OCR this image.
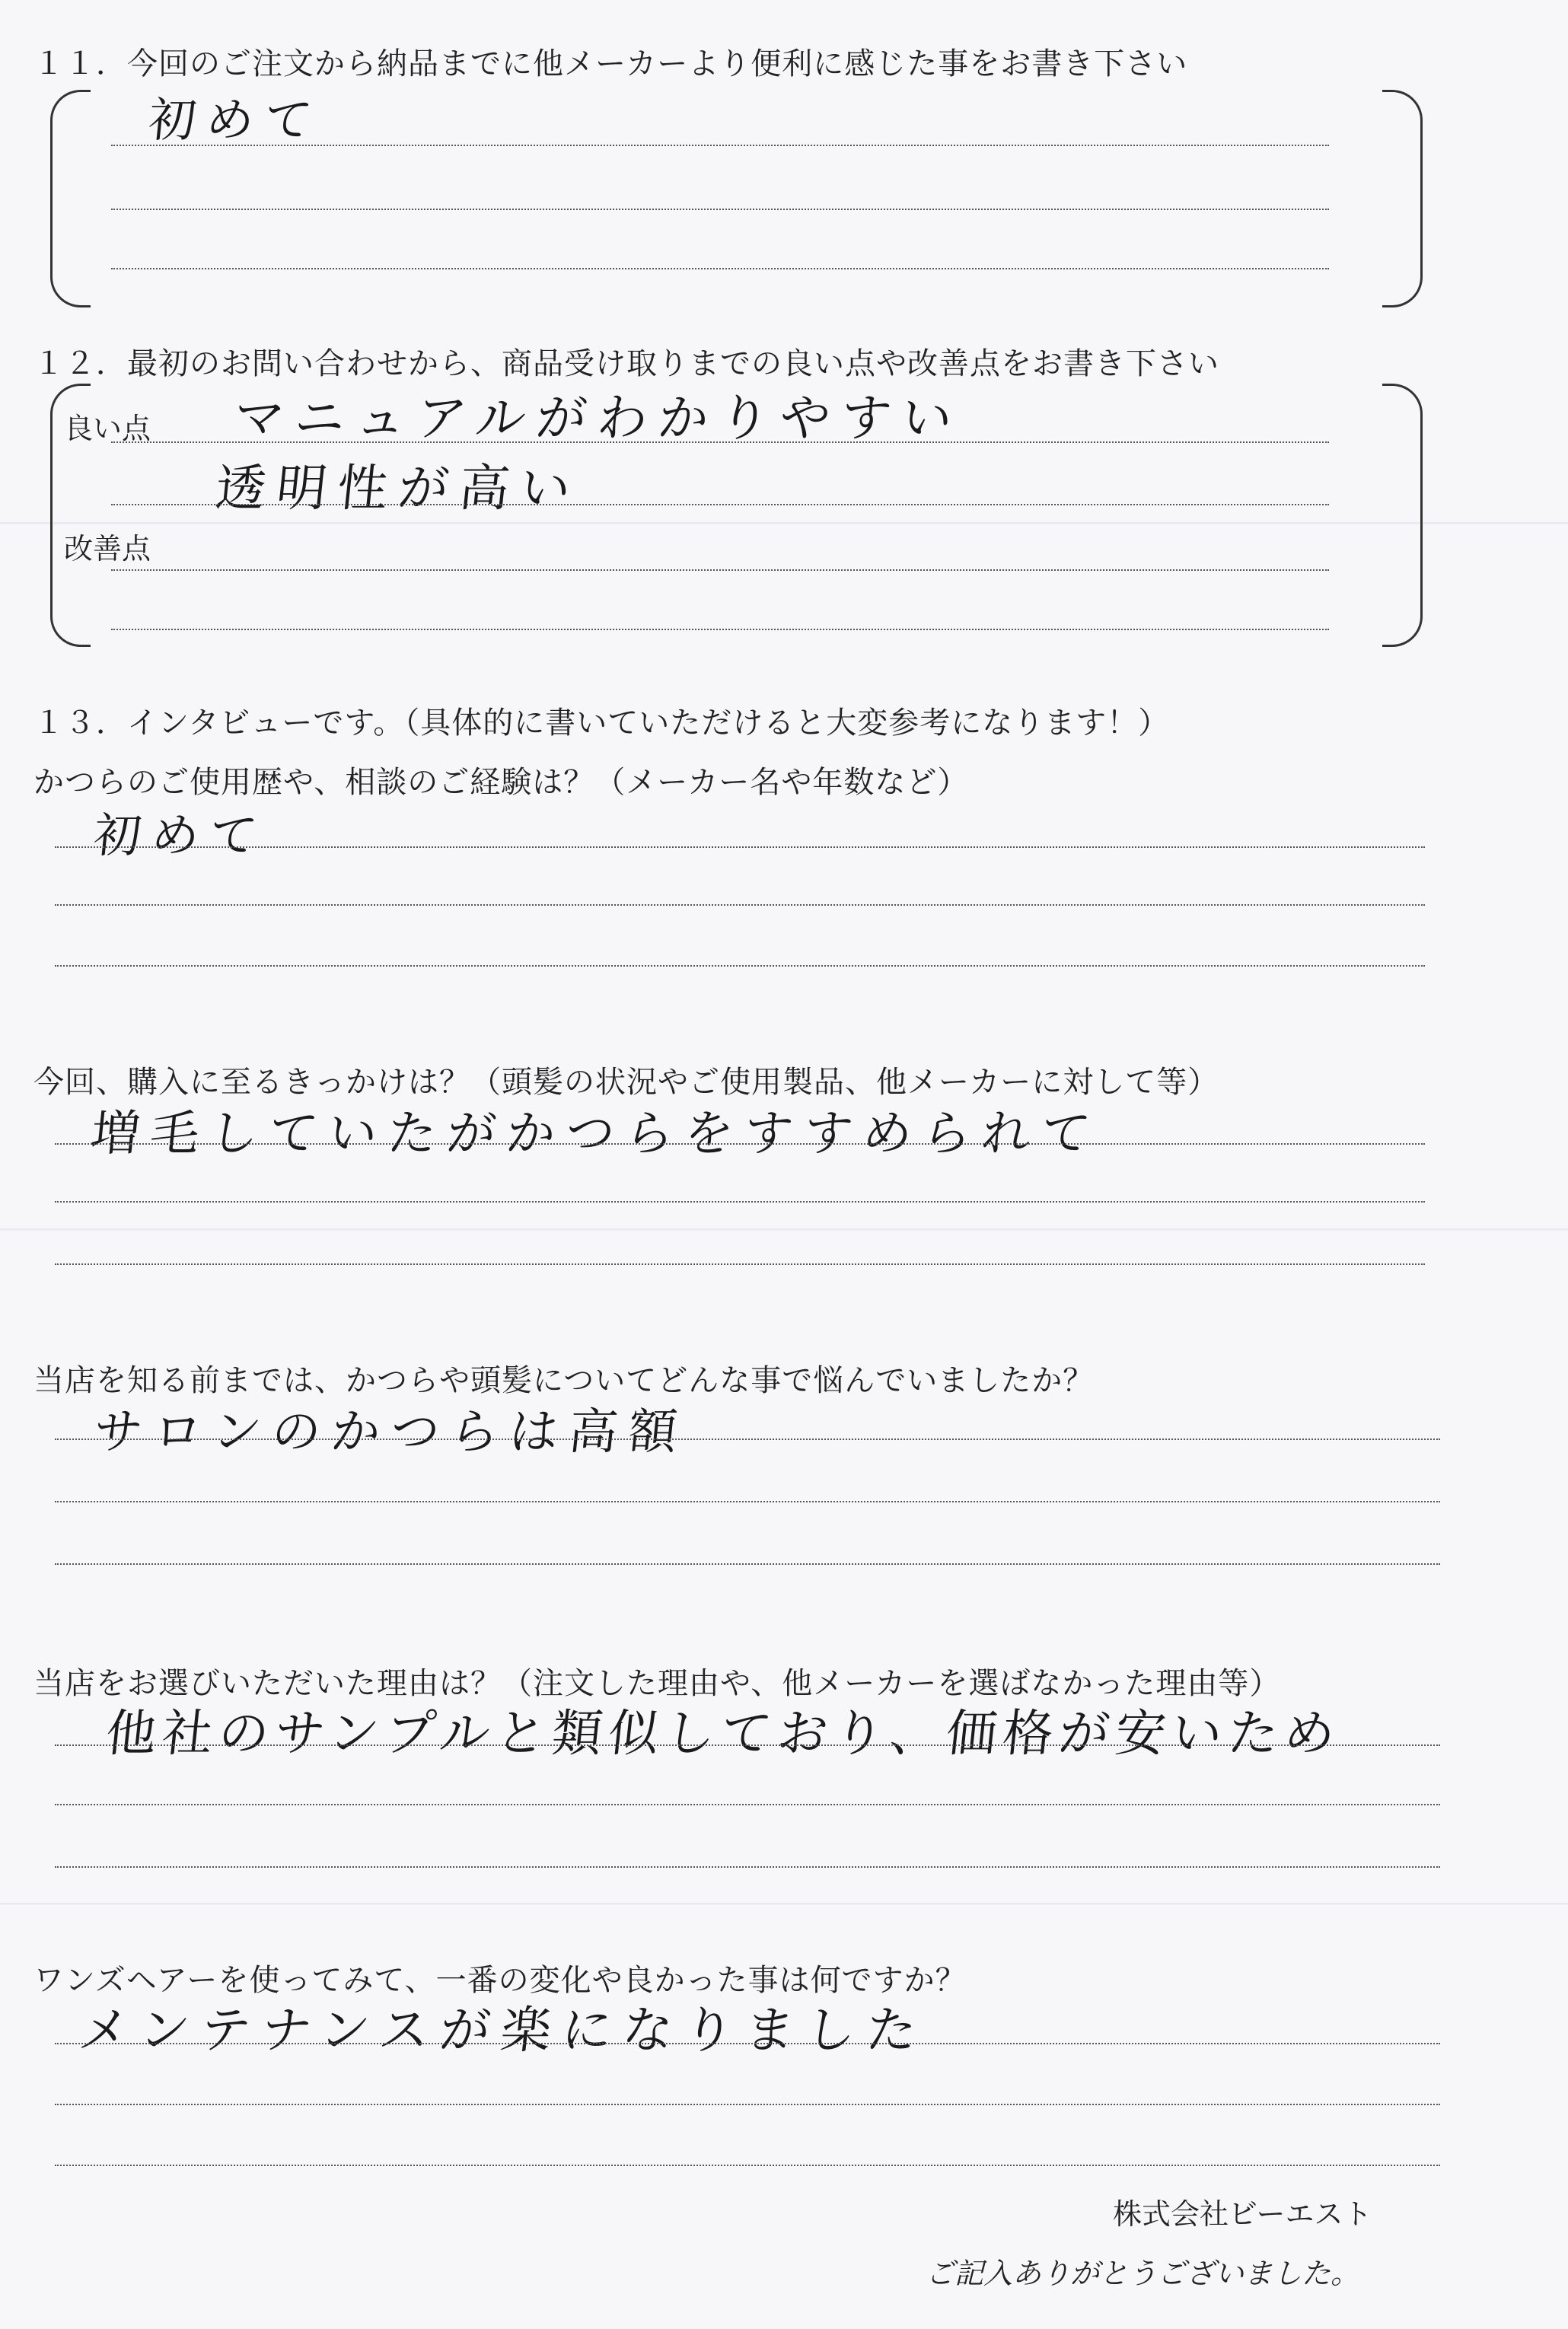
１１．今回のご注文から納品までに他メーカーより便利に感じた事をお書き下さい
初めて
１２．最初のお問い合わせから、商品受け取りまでの良い点や改善点をお書き下さい
良い点 マニュアルがわかりやすい
透明性が高い
改善点
１３．インタビューです。（具体的に書いていただけると大変参考になります！）
かつらのご使用歴や、相談のご経験は？（メーカー名や年数など）
初めて
今回、購入に至るきっかけは？（頭髪の状況やご使用製品、他メーカーに対して等）
増毛していたがかつらをすすめられて
当店を知る前までは、かつらや頭髪についてどんな事で悩んでいましたか？
サロンのかつらは高額
当店をお選びいただいた理由は？（注文した理由や、他メーカーを選ばなかった理由等）
他社のサンプルと類似しており、価格が安いため
ワンズヘアーを使ってみて、一番の変化や良かった事は何ですか？
メンテナンスが楽になりました
株式会社ビーエスト
ご記入ありがとうございました。
